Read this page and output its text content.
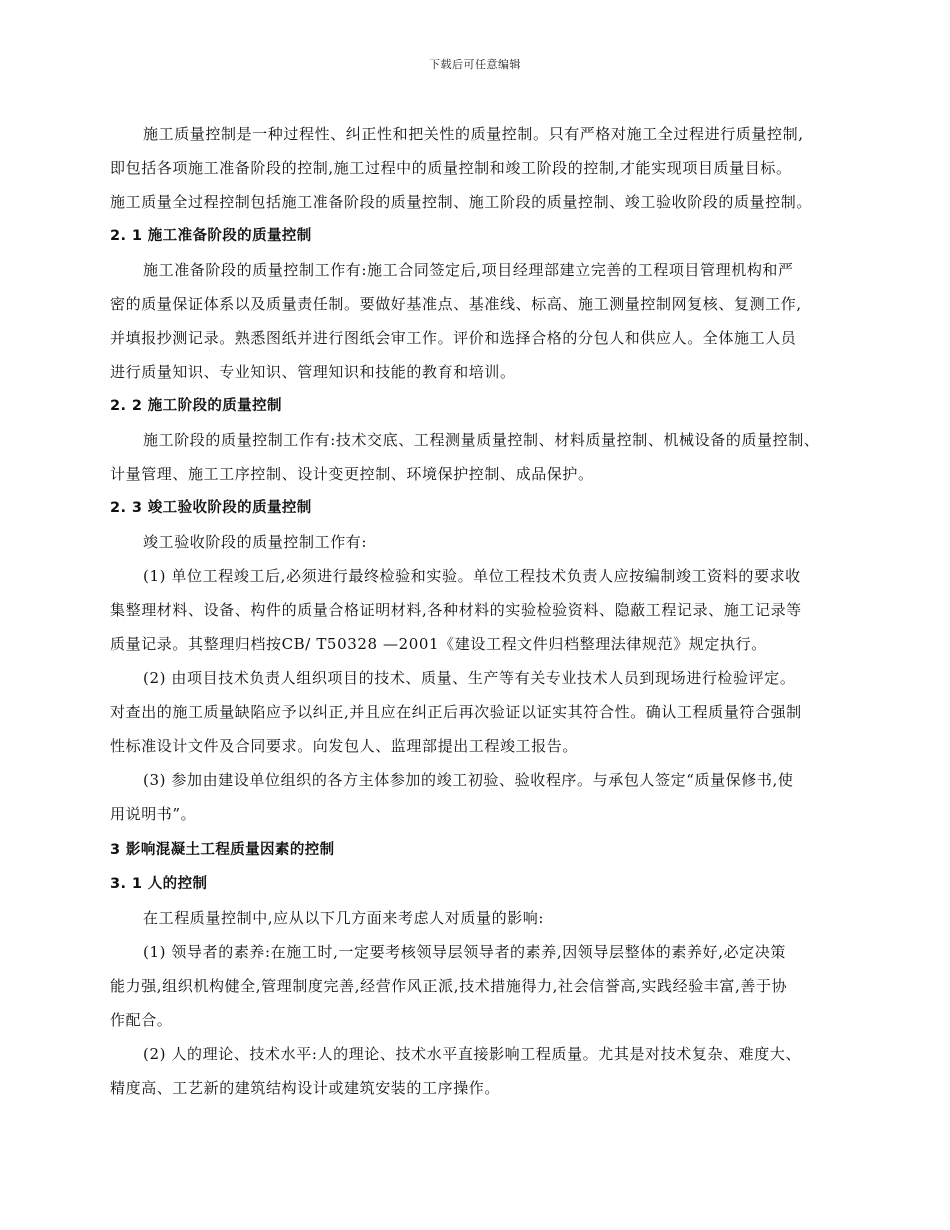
下载后可任意编辑
施工质量控制是一种过程性、纠正性和把关性的质量控制。只有严格对施工全过程进行质量控制,
即包括各项施工准备阶段的控制,施工过程中的质量控制和竣工阶段的控制,才能实现项目质量目标。
施工质量全过程控制包括施工准备阶段的质量控制、施工阶段的质量控制、竣工验收阶段的质量控制。
2. 1 施工准备阶段的质量控制
施工准备阶段的质量控制工作有:施工合同签定后,项目经理部建立完善的工程项目管理机构和严
密的质量保证体系以及质量责任制。要做好基准点、基准线、标高、施工测量控制网复核、复测工作,
并填报抄测记录。熟悉图纸并进行图纸会审工作。评价和选择合格的分包人和供应人。全体施工人员
进行质量知识、专业知识、管理知识和技能的教育和培训。
2. 2 施工阶段的质量控制
施工阶段的质量控制工作有:技术交底、工程测量质量控制、材料质量控制、机械设备的质量控制、
计量管理、施工工序控制、设计变更控制、环境保护控制、成品保护。
2. 3 竣工验收阶段的质量控制
竣工验收阶段的质量控制工作有:
(1) 单位工程竣工后,必须进行最终检验和实验。单位工程技术负责人应按编制竣工资料的要求收
集整理材料、设备、构件的质量合格证明材料,各种材料的实验检验资料、隐蔽工程记录、施工记录等
质量记录。其整理归档按CB/ T50328 —2001《建设工程文件归档整理法律规范》规定执行。
(2) 由项目技术负责人组织项目的技术、质量、生产等有关专业技术人员到现场进行检验评定。
对查出的施工质量缺陷应予以纠正,并且应在纠正后再次验证以证实其符合性。确认工程质量符合强制
性标准设计文件及合同要求。向发包人、监理部提出工程竣工报告。
(3) 参加由建设单位组织的各方主体参加的竣工初验、验收程序。与承包人签定“质量保修书,使
用说明书”。
3 影响混凝土工程质量因素的控制
3. 1 人的控制
在工程质量控制中,应从以下几方面来考虑人对质量的影响:
(1) 领导者的素养:在施工时,一定要考核领导层领导者的素养,因领导层整体的素养好,必定决策
能力强,组织机构健全,管理制度完善,经营作风正派,技术措施得力,社会信誉高,实践经验丰富,善于协
作配合。
(2) 人的理论、技术水平:人的理论、技术水平直接影响工程质量。尤其是对技术复杂、难度大、
精度高、工艺新的建筑结构设计或建筑安装的工序操作。
